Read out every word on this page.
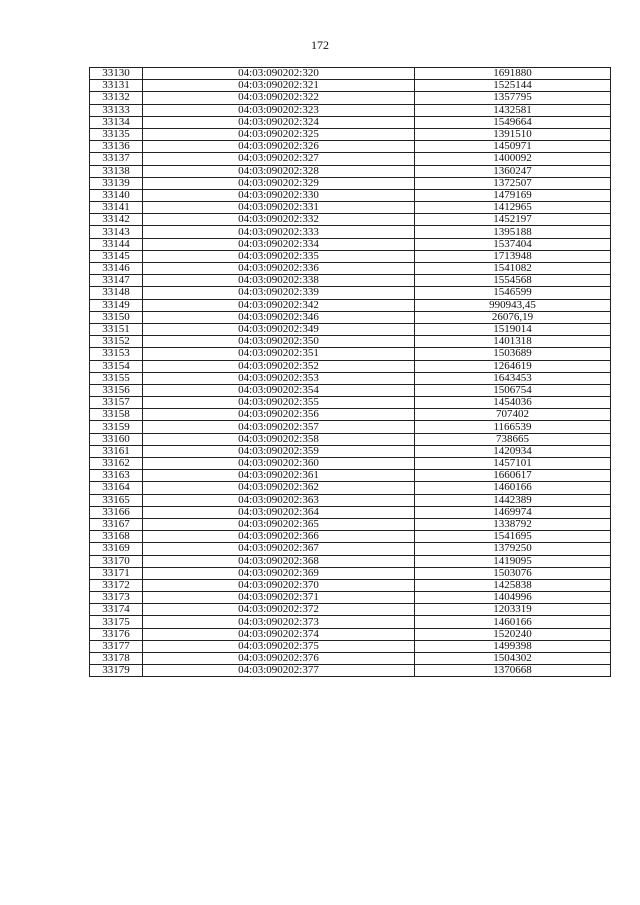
172
33130	04:03:090202:320	1691880
33131	04:03:090202:321	1525144
33132	04:03:090202:322	1357795
33133	04:03:090202:323	1432581
33134	04:03:090202:324	1549664
33135	04:03:090202:325	1391510
33136	04:03:090202:326	1450971
33137	04:03:090202:327	1400092
33138	04:03:090202:328	1360247
33139	04:03:090202:329	1372507
33140	04:03:090202:330	1479169
33141	04:03:090202:331	1412965
33142	04:03:090202:332	1452197
33143	04:03:090202:333	1395188
33144	04:03:090202:334	1537404
33145	04:03:090202:335	1713948
33146	04:03:090202:336	1541082
33147	04:03:090202:338	1554568
33148	04:03:090202:339	1546599
33149	04:03:090202:342	990943,45
33150	04:03:090202:346	26076,19
33151	04:03:090202:349	1519014
33152	04:03:090202:350	1401318
33153	04:03:090202:351	1503689
33154	04:03:090202:352	1264619
33155	04:03:090202:353	1643453
33156	04:03:090202:354	1506754
33157	04:03:090202:355	1454036
33158	04:03:090202:356	707402
33159	04:03:090202:357	1166539
33160	04:03:090202:358	738665
33161	04:03:090202:359	1420934
33162	04:03:090202:360	1457101
33163	04:03:090202:361	1660617
33164	04:03:090202:362	1460166
33165	04:03:090202:363	1442389
33166	04:03:090202:364	1469974
33167	04:03:090202:365	1338792
33168	04:03:090202:366	1541695
33169	04:03:090202:367	1379250
33170	04:03:090202:368	1419095
33171	04:03:090202:369	1503076
33172	04:03:090202:370	1425838
33173	04:03:090202:371	1404996
33174	04:03:090202:372	1203319
33175	04:03:090202:373	1460166
33176	04:03:090202:374	1520240
33177	04:03:090202:375	1499398
33178	04:03:090202:376	1504302
33179	04:03:090202:377	1370668
